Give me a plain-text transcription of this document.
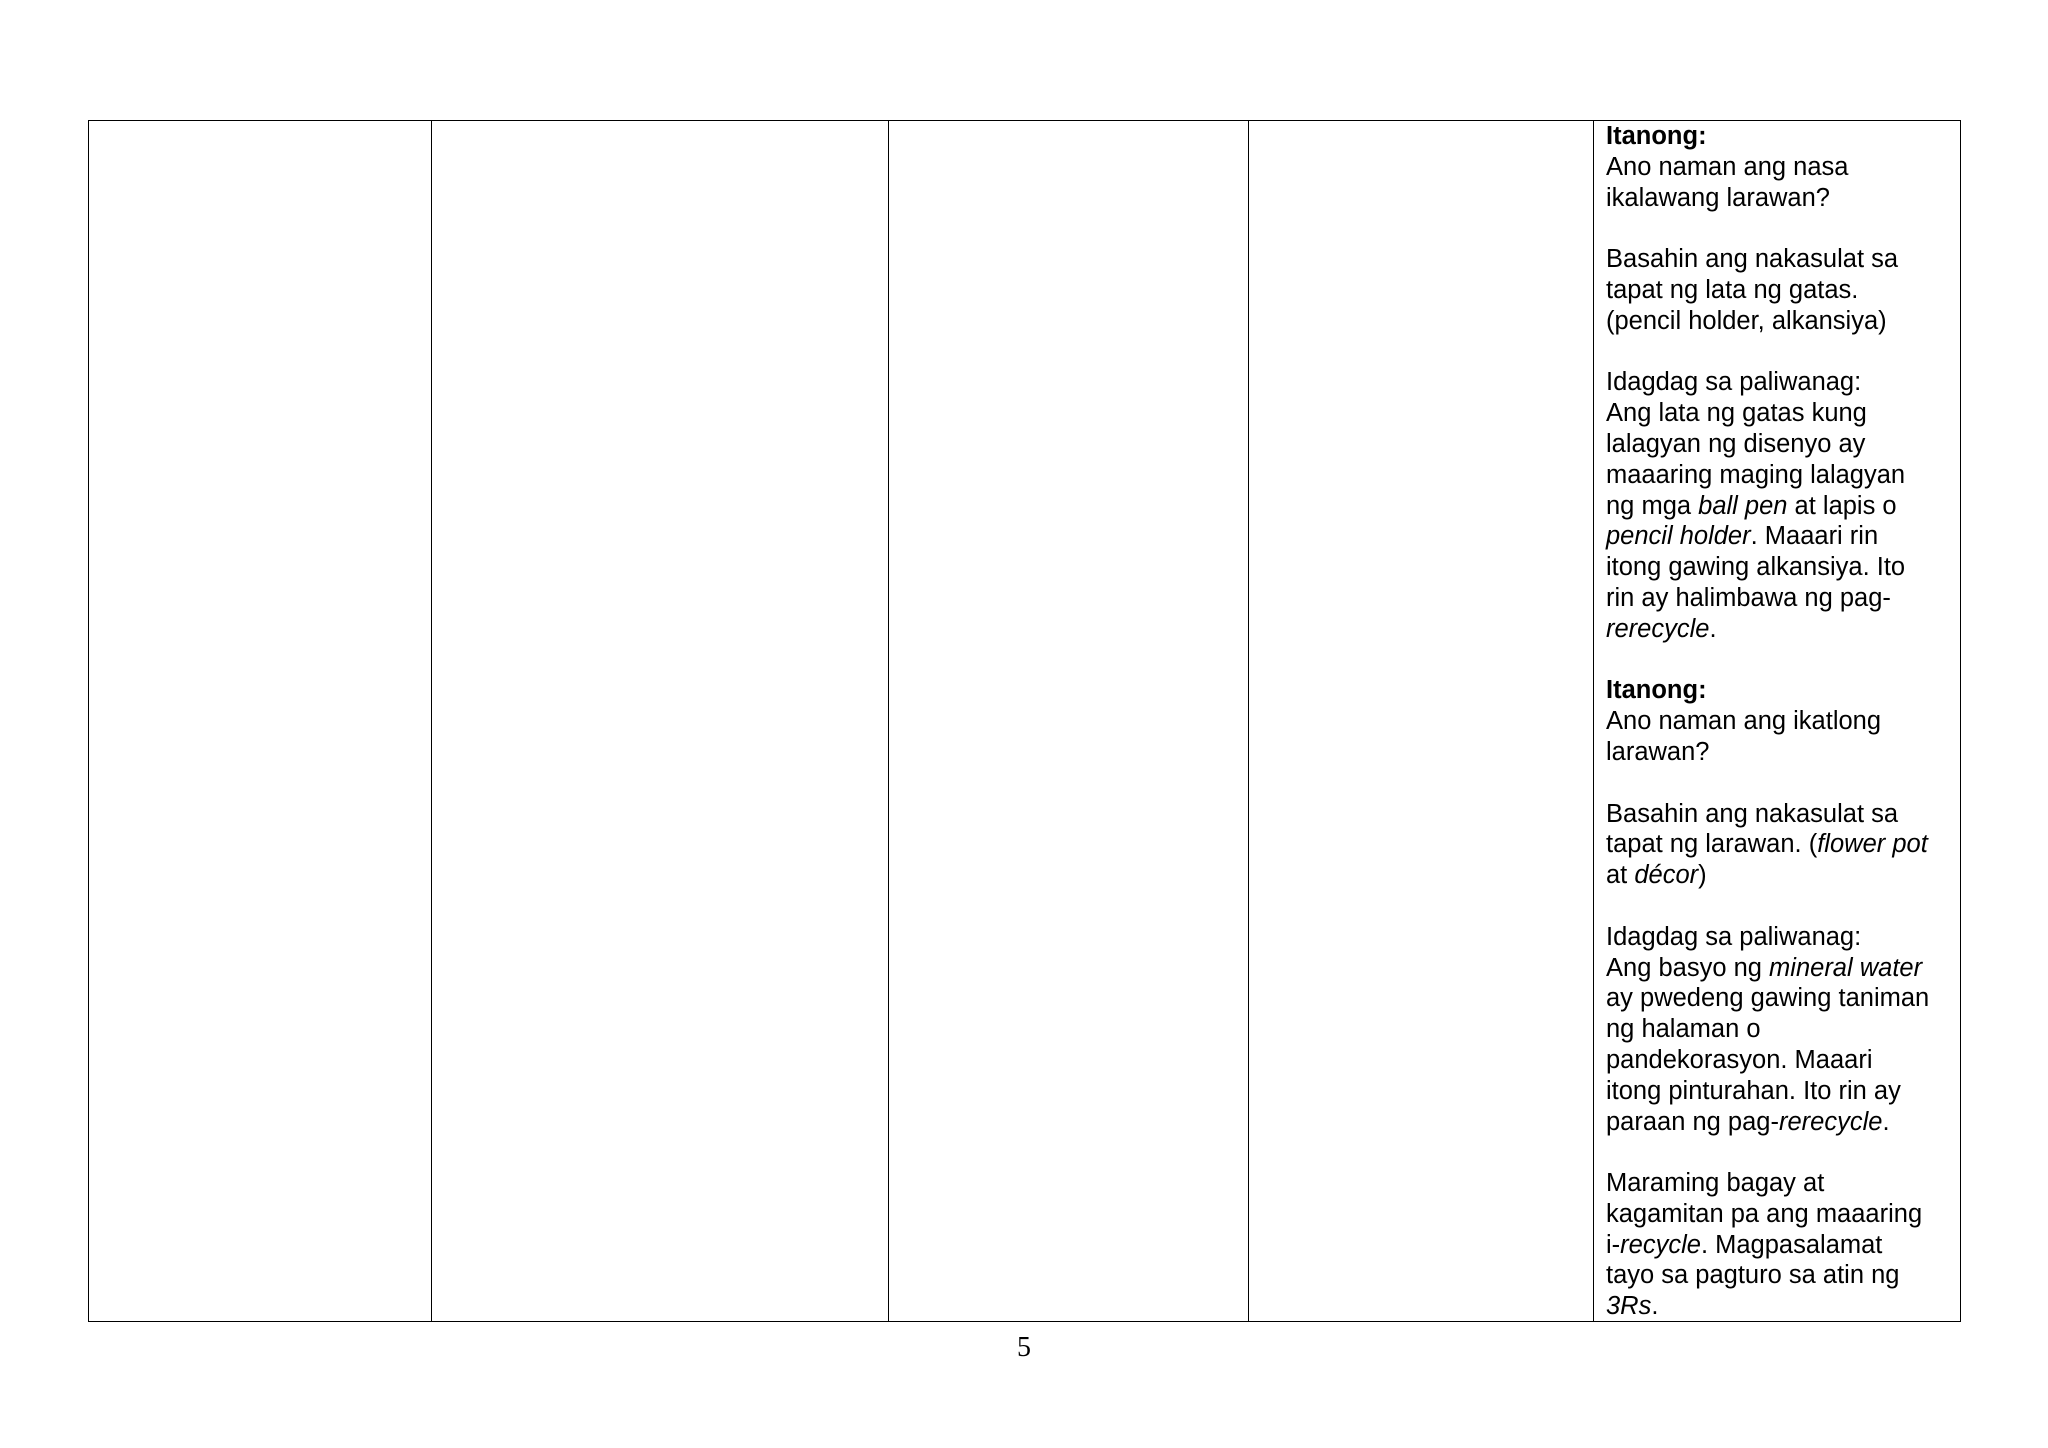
Itanong:
Ano naman ang nasa
ikalawang larawan?

Basahin ang nakasulat sa
tapat ng lata ng gatas.
(pencil holder, alkansiya)

Idagdag sa paliwanag:
Ang lata ng gatas kung
lalagyan ng disenyo ay
maaaring maging lalagyan
ng mga ball pen at lapis o
pencil holder. Maaari rin
itong gawing alkansiya. Ito
rin ay halimbawa ng pag-
rerecycle.

Itanong:
Ano naman ang ikatlong
larawan?

Basahin ang nakasulat sa
tapat ng larawan. (flower pot
at décor)

Idagdag sa paliwanag:
Ang basyo ng mineral water
ay pwedeng gawing taniman
ng halaman o
pandekorasyon. Maaari
itong pinturahan. Ito rin ay
paraan ng pag-rerecycle.

Maraming bagay at
kagamitan pa ang maaaring
i-recycle. Magpasalamat
tayo sa pagturo sa atin ng
3Rs.

5
